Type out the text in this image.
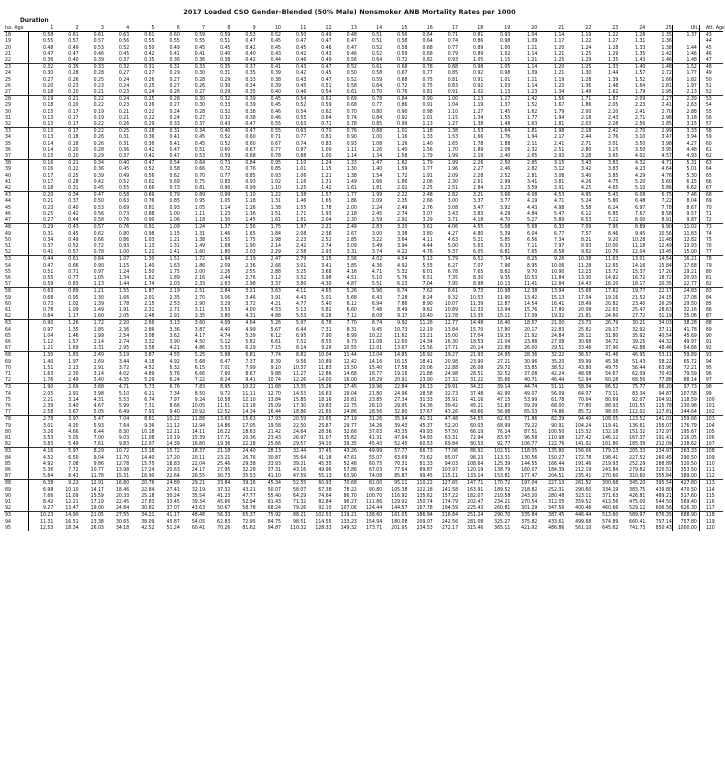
2017 Loaded CSO Gender-Blended (50% Male) Nonsmoker ANB Mortality Rates per 1000
Duration
Iss. Age	1	2	3	4	5	6	7	8	9	10	11	12	13	14	15	16	17	18	19	20	21	22	23	24	25	Ult.	Att. Age
18	0.58	0.61	0.61	0.63	0.61	0.60	0.59	0.59	0.53	0.52	0.50	0.49	0.48	0.51	0.56	0.64	0.71	0.81	0.93	1.04	1.14	1.19	1.22	1.28	1.35	1.37	43
19	0.55	0.57	0.57	0.56	0.55	0.55	0.55	0.51	0.47	0.45	0.47	0.47	0.47	0.51	0.58	0.64	0.74	0.86	0.98	1.09	1.17	1.22	1.27	1.31	1.36		44
20	0.48	0.49	0.53	0.52	0.50	0.49	0.45	0.45	0.42	0.45	0.45	0.46	0.47	0.52	0.58	0.68	0.77	0.89	1.00	1.11	1.20	1.24	1.28	1.33	1.38	1.44	45
21	0.47	0.47	0.46	0.45	0.42	0.41	0.41	0.40	0.40	0.43	0.42	0.43	0.46	0.52	0.59	0.68	0.79	0.89	1.02	1.14	1.21	1.25	1.29	1.35	1.42	1.46	46
22	0.36	0.40	0.39	0.37	0.35	0.36	0.36	0.38	0.42	0.44	0.46	0.49	0.56	0.64	0.72	0.82	0.93	1.05	1.15	1.21	1.25	1.29	1.35	1.43	1.46	1.48	47
23	0.32	0.35	0.33	0.32	0.31	0.31	0.33	0.35	0.37	0.41	0.43	0.47	0.52	0.61	0.68	0.78	0.88	0.98	1.05	1.14	1.20	1.25	1.33	1.40	1.48	1.52	48
24	0.30	0.28	0.28	0.27	0.27	0.29	0.30	0.31	0.35	0.39	0.42	0.45	0.50	0.58	0.67	0.77	0.85	0.92	0.98	1.09	1.21	1.30	1.44	1.57	1.72	1.77	49
25	0.27	0.26	0.25	0.24	0.26	0.27	0.28	0.29	0.33	0.38	0.43	0.47	0.52	0.59	0.68	0.75	0.81	0.91	1.01	1.11	1.19	1.28	1.39	1.52	1.66	1.82	50
26	0.20	0.23	0.23	0.24	0.25	0.27	0.26	0.30	0.34	0.39	0.45	0.51	0.58	0.64	0.72	0.75	0.83	0.92	1.03	1.14	1.23	1.36	1.48	1.64	1.81	1.97	51
27	0.18	0.20	0.21	0.23	0.24	0.26	0.27	0.29	0.35	0.40	0.46	0.54	0.61	0.70	0.76	0.81	0.91	1.02	1.13	1.23	1.34	1.49	1.62	1.79	1.95	2.13	52
28	0.19	0.21	0.22	0.24	0.25	0.28	0.30	0.32	0.39	0.45	0.54	0.61	0.69	0.78	0.84	0.90	1.00	1.13	1.27	1.42	1.56	1.71	1.87	2.09	2.27	2.39	53
29	0.18	0.20	0.22	0.23	0.26	0.27	0.30	0.33	0.39	0.45	0.52	0.59	0.68	0.77	0.86	0.91	1.04	1.19	1.37	1.52	1.67	1.86	2.05	2.23	2.41	2.63	54
30	0.15	0.17	0.19	0.21	0.22	0.24	0.28	0.32	0.38	0.46	0.54	0.62	0.70	0.80	0.90	0.98	1.10	1.27	1.45	1.62	1.79	2.00	2.20	2.41	2.70	2.88	55
31	0.13	0.17	0.19	0.21	0.22	0.24	0.27	0.32	0.38	0.46	0.55	0.64	0.74	0.84	0.92	1.01	1.15	1.34	1.55	1.77	1.94	2.18	2.43	2.71	2.98	3.18	56
32	0.13	0.17	0.22	0.26	0.29	0.33	0.37	0.43	0.47	0.55	0.63	0.71	0.78	0.85	0.99	1.13	1.27	1.38	1.48	1.63	1.81	2.03	2.28	2.56	2.85	3.15	57
33	0.13	0.17	0.22	0.25	0.28	0.31	0.34	0.40	0.47	0.55	0.63	0.70	0.76	0.88	1.01	1.18	1.38	1.53	1.64	1.81	1.98	2.18	2.42	2.70	2.99	3.33	58
34	0.13	0.18	0.26	0.31	0.36	0.41	0.45	0.52	0.60	0.71	0.77	0.81	0.90	1.00	1.16	1.33	1.53	1.66	1.76	1.94	2.17	2.44	2.76	3.10	3.47	3.94	59
35	0.14	0.18	0.26	0.31	0.36	0.41	0.45	0.52	0.60	0.67	0.74	0.83	0.93	1.08	1.26	1.40	1.65	1.78	1.88	2.11	2.41	2.71	3.01	3.50	3.98	4.27	60
36	0.14	0.20	0.28	0.36	0.41	0.47	0.51	0.60	0.67	0.77	0.87	1.00	1.11	1.26	1.40	1.56	1.70	1.89	2.08	2.32	2.51	2.80	3.15	3.50	3.95	4.48	61
37	0.15	0.20	0.29	0.37	0.42	0.47	0.53	0.59	0.68	0.78	0.88	1.00	1.14	1.34	1.58	1.79	1.99	2.19	2.40	2.65	2.93	3.28	3.65	4.02	4.57	4.93	62
38	0.16	0.21	0.34	0.40	0.47	0.54	0.64	0.73	0.84	0.95	1.10	1.24	1.33	1.47	1.62	1.79	1.99	2.26	2.50	2.85	3.15	3.43	3.83	4.32	4.71	5.31	63
39	0.16	0.22	0.36	0.45	0.52	0.58	0.66	0.72	0.76	0.85	1.01	1.15	1.30	1.40	1.59	1.77	1.96	2.27	2.46	2.82	3.12	3.42	3.83	4.23	4.64	5.01	64
40	0.17	0.25	0.39	0.49	0.56	0.62	0.70	0.77	0.85	0.93	1.06	1.21	1.38	1.54	1.72	1.91	2.09	2.28	2.52	2.81	3.08	3.40	3.85	4.29	4.76	5.30	65
41	0.17	0.28	0.42	0.52	0.61	0.69	0.75	0.83	0.93	1.02	1.16	1.31	1.49	1.66	1.86	2.06	2.30	2.61	2.99	3.41	3.81	4.26	4.75	5.20	5.60	6.15	66
42	0.18	0.31	0.45	0.55	0.66	0.73	0.81	0.90	0.99	1.10	1.25	1.42	1.61	1.81	2.02	2.25	2.51	2.84	3.23	3.59	3.91	4.25	4.65	5.10	5.86	6.62	67
43	0.20	0.34	0.47	0.58	0.69	0.79	0.89	0.99	1.10	1.22	1.38	1.57	1.77	1.99	2.22	2.48	2.82	3.21	3.66	4.08	4.53	4.95	5.43	6.08	6.75	7.46	68
44	0.21	0.37	0.50	0.63	0.76	0.85	0.95	1.05	1.18	1.31	1.46	1.65	1.86	2.09	2.35	2.66	3.00	3.37	3.77	4.19	4.71	5.24	5.80	6.48	7.22	8.04	69
45	0.23	0.40	0.53	0.69	0.81	0.93	1.05	1.14	1.26	1.38	1.55	1.78	2.00	2.24	2.49	2.76	3.08	3.47	3.92	4.43	4.98	5.58	6.24	6.97	7.78	8.67	70
46	0.25	0.42	0.56	0.73	0.88	1.00	1.11	1.23	1.36	1.51	1.71	1.93	2.18	2.45	2.74	3.07	3.43	3.83	4.29	4.84	5.47	6.12	6.85	7.67	8.58	9.57	71
47	0.27	0.44	0.58	0.76	0.90	1.06	1.18	1.30	1.45	1.61	1.81	2.04	2.30	2.59	2.92	3.29	3.71	4.18	4.70	5.27	5.89	6.53	7.22	8.00	8.91	9.87	72
48	0.29	0.43	0.57	0.76	0.91	1.09	1.24	1.37	1.56	1.75	1.97	2.21	2.49	2.83	3.20	3.61	4.06	4.55	5.08	5.68	6.33	7.09	7.95	8.89	9.90	11.02	73
49	0.31	0.45	0.62	0.80	0.98	1.15	1.31	1.46	1.65	1.84	2.08	2.36	2.67	3.00	3.38	3.80	4.27	4.80	5.39	6.04	6.77	7.57	8.46	9.45	10.56	11.83	74
50	0.34	0.49	0.66	0.86	1.03	1.21	1.38	1.55	1.75	1.98	2.23	2.52	2.85	3.22	3.64	4.11	4.63	5.21	5.85	6.56	7.34	8.21	9.20	10.28	11.48	12.82	75
51	0.37	0.52	0.72	0.93	1.13	1.31	1.49	1.68	1.90	2.14	2.42	2.74	3.09	3.49	3.94	4.44	5.00	5.63	6.33	7.11	7.97	8.93	10.00	11.18	12.49	13.93	76
52	0.41	0.57	0.78	1.00	1.21	1.41	1.60	1.80	2.03	2.29	2.58	2.93	3.31	3.74	4.22	4.76	5.37	6.05	6.81	7.65	8.58	9.62	10.76	12.04	13.45	15.00	77
53	0.44	0.61	0.84	1.07	1.30	1.51	1.72	1.94	2.19	2.47	2.79	3.15	3.56	4.02	4.54	5.13	5.79	6.52	7.34	8.25	9.26	10.38	11.63	13.01	14.54	16.21	78
54	0.47	0.66	0.90	1.15	1.40	1.63	1.86	2.09	2.36	2.66	3.01	3.41	3.85	4.36	4.92	5.55	6.27	7.07	7.96	8.95	10.06	11.28	12.65	14.16	15.84	17.68	79
55	0.51	0.71	0.97	1.24	1.50	1.75	2.00	2.26	2.55	2.88	3.25	3.68	4.16	4.71	5.32	6.01	6.78	7.65	8.62	9.70	10.90	12.23	13.72	15.37	17.20	19.21	80
56	0.55	0.77	1.05	1.34	1.62	1.89	2.16	2.44	2.76	3.12	3.52	3.98	4.51	5.10	5.76	6.51	7.35	8.30	9.35	10.53	11.84	13.30	14.92	16.72	18.72	20.93	81
57	0.59	0.83	1.13	1.44	1.74	2.03	2.33	2.63	2.98	3.37	3.80	4.30	4.87	5.51	6.23	7.04	7.95	8.98	10.13	11.41	12.84	14.43	16.20	18.17	20.35	22.77	82
58	0.63	0.89	1.21	1.55	1.87	2.19	2.51	2.84	3.21	3.63	4.11	4.65	5.26	5.96	6.74	7.62	8.61	9.73	10.98	12.38	13.94	15.68	17.62	19.77	22.17	24.83	83
59	0.68	0.95	1.30	1.66	2.01	2.35	2.70	3.06	3.46	3.91	4.43	5.01	5.68	6.43	7.28	8.24	9.32	10.53	11.90	13.42	15.13	17.04	19.16	21.52	24.15	27.08	84
60	0.73	1.02	1.39	1.78	2.15	2.53	2.90	3.29	3.72	4.21	4.77	5.40	6.12	6.94	7.86	8.90	10.07	11.39	12.87	14.54	16.41	18.49	20.82	23.40	26.29	29.50	85
61	0.78	1.09	1.49	1.91	2.31	2.71	3.11	3.53	4.00	4.53	5.13	5.82	6.60	7.48	8.49	9.62	10.89	12.33	13.94	15.76	17.80	20.08	22.63	25.47	28.63	32.16	86
62	0.84	1.17	1.60	2.05	2.48	2.91	3.35	3.80	4.31	4.88	5.53	6.28	7.12	8.09	9.17	10.40	11.78	13.35	15.11	17.09	19.32	21.81	24.60	27.72	31.19	35.06	87
63	0.90	1.26	1.72	2.20	2.66	3.13	3.60	4.09	4.64	5.26	5.97	6.78	7.70	8.74	9.92	11.26	12.77	14.48	16.40	18.57	21.00	23.73	26.79	30.21	34.03	38.28	88
64	0.97	1.35	1.85	2.36	2.86	3.36	3.87	4.40	4.99	5.67	6.44	7.31	8.31	9.45	10.73	12.19	13.84	15.70	17.80	20.17	22.83	25.82	29.17	32.92	37.11	41.78	89
65	1.04	1.46	1.99	2.54	3.08	3.62	4.17	4.74	5.39	6.12	6.95	7.90	8.99	10.22	11.62	13.21	15.00	17.04	19.33	21.92	24.84	28.12	31.80	35.92	40.54	45.69	90
66	1.12	1.57	2.14	2.74	3.32	3.90	4.50	5.12	5.82	6.61	7.52	8.55	9.73	11.08	12.60	14.34	16.30	18.53	21.04	23.88	27.08	30.68	34.72	39.25	44.32	49.97	91
67	1.21	1.69	2.31	2.95	3.58	4.21	4.86	5.53	6.29	7.15	8.14	9.26	10.55	12.01	13.67	15.56	17.71	20.14	22.89	26.00	29.51	33.46	37.90	42.88	48.46	54.66	92
68	1.30	1.83	2.49	3.19	3.87	4.55	5.25	5.98	6.81	7.74	8.82	10.04	11.44	13.04	14.85	16.92	19.27	21.93	24.95	28.36	32.22	36.57	41.46	46.95	53.11	59.89	93
69	1.40	1.97	2.69	3.44	4.18	4.92	5.68	6.47	7.37	8.39	9.56	10.89	12.42	14.16	16.15	18.41	20.98	23.90	27.21	30.96	35.20	39.99	45.38	51.43	58.22	65.72	94
70	1.51	2.13	2.91	3.72	4.52	5.32	6.15	7.01	7.99	9.10	10.37	11.83	13.50	15.40	17.58	20.06	22.88	26.08	29.72	33.85	38.52	43.80	49.75	56.44	63.96	72.21	95
71	1.63	2.30	3.14	4.02	4.89	5.76	6.66	7.60	8.67	9.88	11.27	12.86	14.68	16.77	19.16	21.88	24.98	28.51	32.52	37.08	42.24	48.08	54.67	62.09	70.43	79.59	96
72	1.76	2.49	3.40	4.35	5.29	6.24	7.22	8.24	9.41	10.74	12.26	14.00	16.00	18.29	20.91	23.90	27.32	31.22	35.66	40.71	46.44	52.94	60.28	68.56	77.88	88.14	97
73	1.90	2.69	3.68	4.71	5.73	6.76	7.83	8.95	10.22	11.68	13.35	15.26	17.45	19.96	22.84	26.13	29.91	34.22	39.14	44.74	51.11	58.34	66.52	75.77	86.20	97.73	98
74	2.05	2.91	3.98	5.10	6.21	7.34	8.50	9.72	11.11	12.70	14.53	16.63	19.04	21.80	24.96	28.58	32.73	37.48	42.90	49.07	56.09	64.07	73.11	83.34	94.87	107.58	99
75	2.21	3.14	4.31	5.53	6.74	7.97	9.24	10.58	12.10	13.84	15.85	18.16	20.81	23.85	27.34	31.33	35.91	41.16	47.15	53.99	61.78	70.64	80.69	92.07	104.91	118.59	100
76	2.39	3.40	4.67	5.99	7.31	8.66	10.05	11.51	13.18	15.09	17.30	19.83	22.75	26.10	29.95	34.36	39.42	45.21	51.83	59.39	68.00	77.80	88.93	101.55	115.78	130.98	101
77	2.58	3.67	5.05	6.49	7.93	9.40	10.92	12.52	14.34	16.44	18.86	21.65	24.86	28.56	32.80	37.67	43.26	49.66	56.98	65.33	74.86	85.72	98.05	112.02	127.81	144.64	102
78	2.78	3.97	5.47	7.04	8.61	10.22	11.88	13.63	15.63	17.93	20.59	23.65	27.19	31.26	35.94	41.31	47.48	54.55	62.63	71.86	82.39	94.40	108.05	123.52	141.01	159.66	103
79	3.01	4.30	5.93	7.64	9.36	11.12	12.94	14.86	17.05	19.58	22.50	25.87	29.77	34.26	39.43	45.37	52.20	60.03	68.99	79.22	90.91	104.24	119.41	136.61	156.07	176.79	104
80	3.26	4.66	6.44	8.30	10.18	12.11	14.11	16.22	18.63	21.42	24.64	28.36	32.66	37.63	43.35	49.93	57.50	66.19	76.14	87.51	100.50	115.32	132.18	151.32	172.97	195.67	105
81	3.53	5.05	7.00	9.03	11.08	13.19	15.39	17.71	20.36	23.43	26.97	31.07	35.82	41.31	47.64	54.93	63.31	72.94	83.97	96.58	110.98	127.42	146.12	167.37	191.41	216.05	106
82	3.83	5.49	7.61	9.83	12.07	14.39	16.80	19.36	22.28	25.66	29.57	34.10	39.35	45.43	52.45	60.53	69.84	80.53	92.77	106.77	122.76	141.02	161.80	185.39	212.09	238.62	107
83	4.16	5.97	8.29	10.72	13.18	15.72	18.37	21.18	24.40	28.13	32.44	37.45	43.26	49.99	57.77	66.73	77.06	88.92	102.51	118.05	135.80	156.06	179.13	205.33	234.97	263.33	108
84	4.52	6.50	9.04	11.70	14.40	17.20	20.11	23.21	26.76	30.87	35.64	41.18	47.61	55.07	63.69	73.62	85.07	98.23	113.31	130.56	150.27	172.78	198.41	227.52	260.45	290.50	109
85	4.92	7.08	9.86	12.78	15.75	18.83	22.04	25.46	29.38	33.93	39.21	45.35	52.48	60.75	70.31	81.33	94.03	108.64	125.39	144.55	166.44	191.46	219.93	252.29	288.89	320.50	110
86	5.36	7.72	10.77	13.98	17.24	20.63	24.17	27.95	32.28	37.31	43.16	49.96	57.86	67.03	77.64	89.87	103.97	120.19	138.79	160.07	184.39	212.19	243.84	279.82	320.51	353.50	111
87	5.84	8.43	11.78	15.31	18.90	22.64	26.55	30.73	35.53	41.10	47.59	55.13	63.90	74.08	85.87	99.45	115.11	133.14	153.81	177.47	204.51	235.41	270.60	310.60	355.84	389.00	112
88	6.38	9.22	12.91	16.80	20.76	24.89	29.21	33.84	39.16	45.34	52.55	60.93	70.68	82.00	95.11	110.22	127.65	147.71	170.72	197.04	227.13	261.52	300.68	345.20	395.54	427.80	113
89	6.98	10.10	14.17	18.46	22.84	27.41	32.19	37.32	43.21	50.07	58.07	67.38	78.22	90.80	105.38	122.18	141.58	163.91	189.52	218.82	252.31	290.60	334.19	383.75	439.80	470.50	114
90	7.66	11.09	15.59	20.33	25.18	30.24	35.54	41.23	47.77	55.40	64.29	74.64	86.70	100.70	116.92	135.62	157.22	182.07	210.58	243.20	280.48	323.11	371.63	426.81	489.21	517.60	115
91	8.42	12.21	17.19	22.45	27.83	33.45	39.34	45.66	52.94	61.43	71.32	82.84	96.27	111.86	129.92	150.74	174.79	202.47	234.21	270.54	312.05	359.52	413.56	475.00	544.50	569.40	116
92	9.27	13.47	19.00	24.84	30.82	37.07	43.63	50.67	58.78	68.24	79.26	92.10	107.06	124.44	144.57	167.78	194.59	225.43	260.81	301.29	347.56	400.46	460.66	529.12	606.56	626.30	117
93	10.23	14.90	21.05	27.55	34.21	41.17	48.48	56.33	65.37	75.92	88.21	102.53	119.21	138.60	161.05	186.94	216.84	251.24	290.70	335.84	387.45	446.44	513.60	589.97	676.35	688.90	118
94	11.31	16.51	23.38	30.65	38.09	45.87	54.05	62.83	72.95	84.75	98.51	114.55	133.23	154.94	180.08	209.07	242.56	281.08	325.27	375.82	433.61	499.68	574.89	660.41	757.14	757.80	119
95	12.53	18.34	26.03	34.18	42.52	51.24	60.41	70.26	81.62	94.87	110.32	128.33	149.32	173.71	201.95	234.53	272.17	315.46	365.11	421.92	486.86	561.10	645.62	741.73	850.43	1000.00	120
